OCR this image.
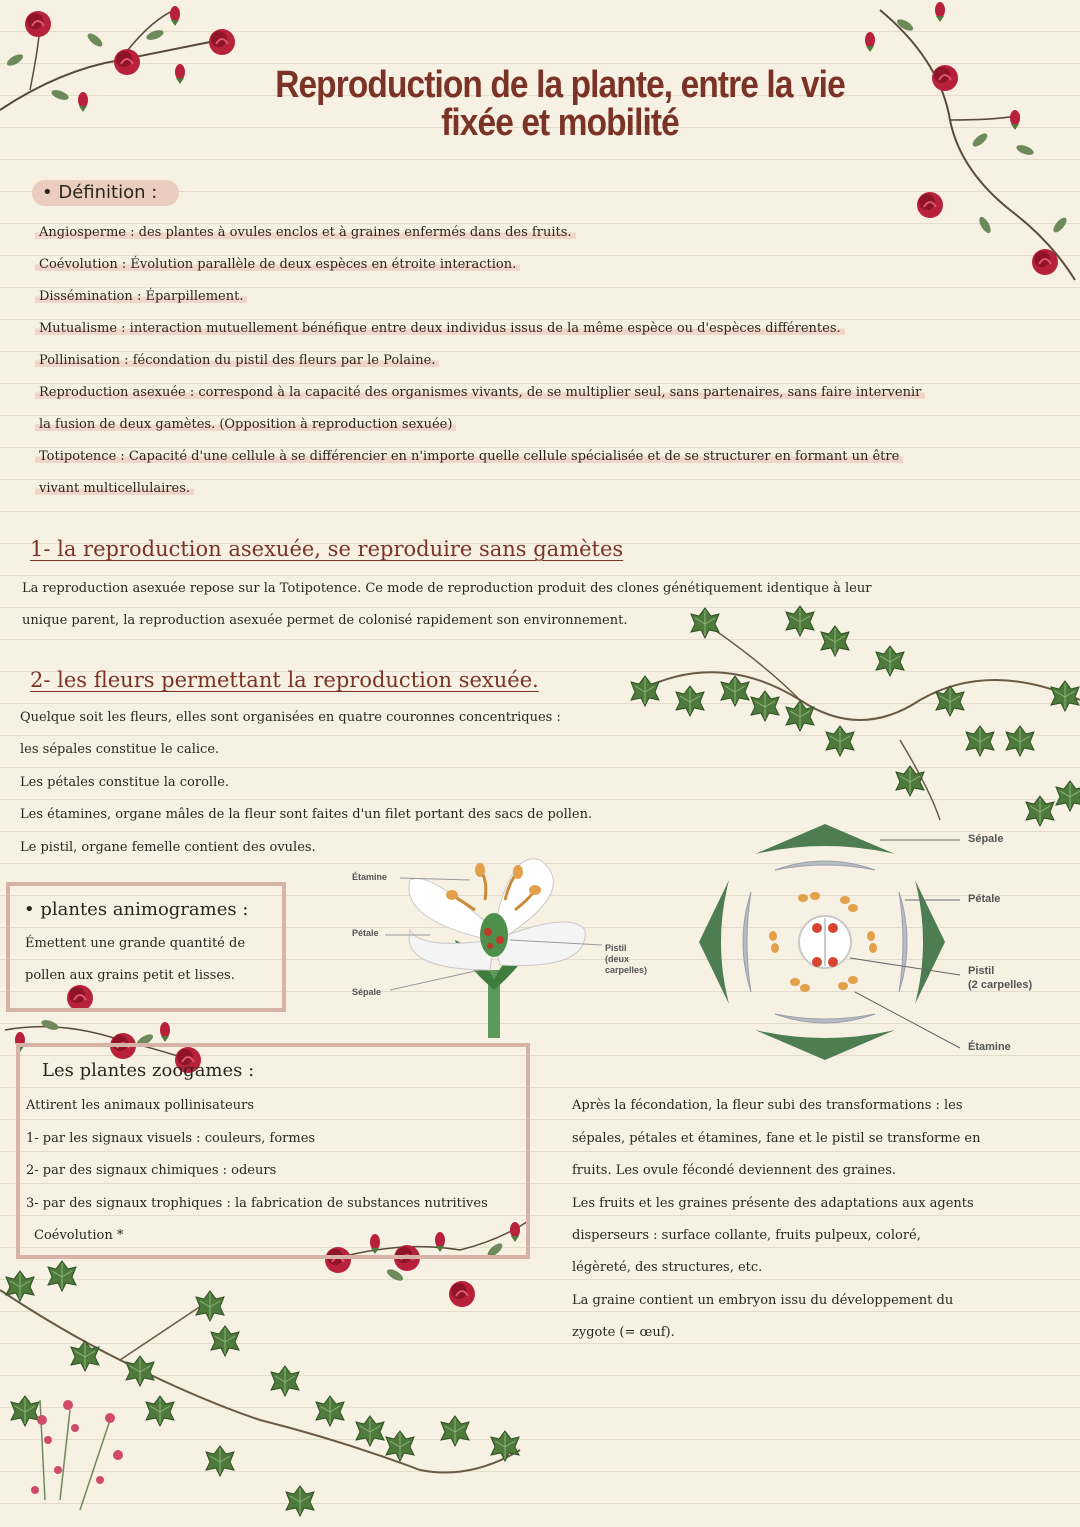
Reproduction de la plante, entre la vie
fixée et mobilité
• Définition :
Angiosperme : des plantes à ovules enclos et à graines enfermés dans des fruits.
Coévolution : Évolution parallèle de deux espèces en étroite interaction.
Dissémination : Éparpillement.
Mutualisme : interaction mutuellement bénéfique entre deux individus issus de la même espèce ou d'espèces différentes.
Pollinisation : fécondation du pistil des fleurs par le Polaine.
Reproduction asexuée : correspond à la capacité des organismes vivants, de se multiplier seul, sans partenaires, sans faire intervenir
la fusion de deux gamètes. (Opposition à reproduction sexuée)
Totipotence : Capacité d'une cellule à se différencier en n'importe quelle cellule spécialisée et de se structurer en formant un être
vivant multicellulaires.
1- la reproduction asexuée, se reproduire sans gamètes
La reproduction asexuée repose sur la Totipotence. Ce mode de reproduction produit des clones génétiquement identique à leur
unique parent, la reproduction asexuée permet de colonisé rapidement son environnement.
2- les fleurs permettant la reproduction sexuée.
Quelque soit les fleurs, elles sont organisées en quatre couronnes concentriques :
les sépales constitue le calice.
Les pétales constitue la corolle.
Les étamines, organe mâles de la fleur sont faites d'un filet portant des sacs de pollen.
Le pistil, organe femelle contient des ovules.
• plantes animogrames :
Émettent une grande quantité de
pollen aux grains petit et lisses.
Étamine
Pétale
Sépale
Pistil
(deux
carpelles)
Sépale
Pétale
Pistil
(2 carpelles)
Étamine
Les plantes zoogames :
Attirent les animaux pollinisateurs
1- par les signaux visuels : couleurs, formes
2- par des signaux chimiques : odeurs
3- par des signaux trophiques : la fabrication de substances nutritives
Coévolution *
Après la fécondation, la fleur subi des transformations : les
sépales, pétales et étamines, fane et le pistil se transforme en
fruits. Les ovule fécondé deviennent des graines.
Les fruits et les graines présente des adaptations aux agents
disperseurs : surface collante, fruits pulpeux, coloré,
légèreté, des structures, etc.
La graine contient un embryon issu du développement du
zygote (= œuf).
